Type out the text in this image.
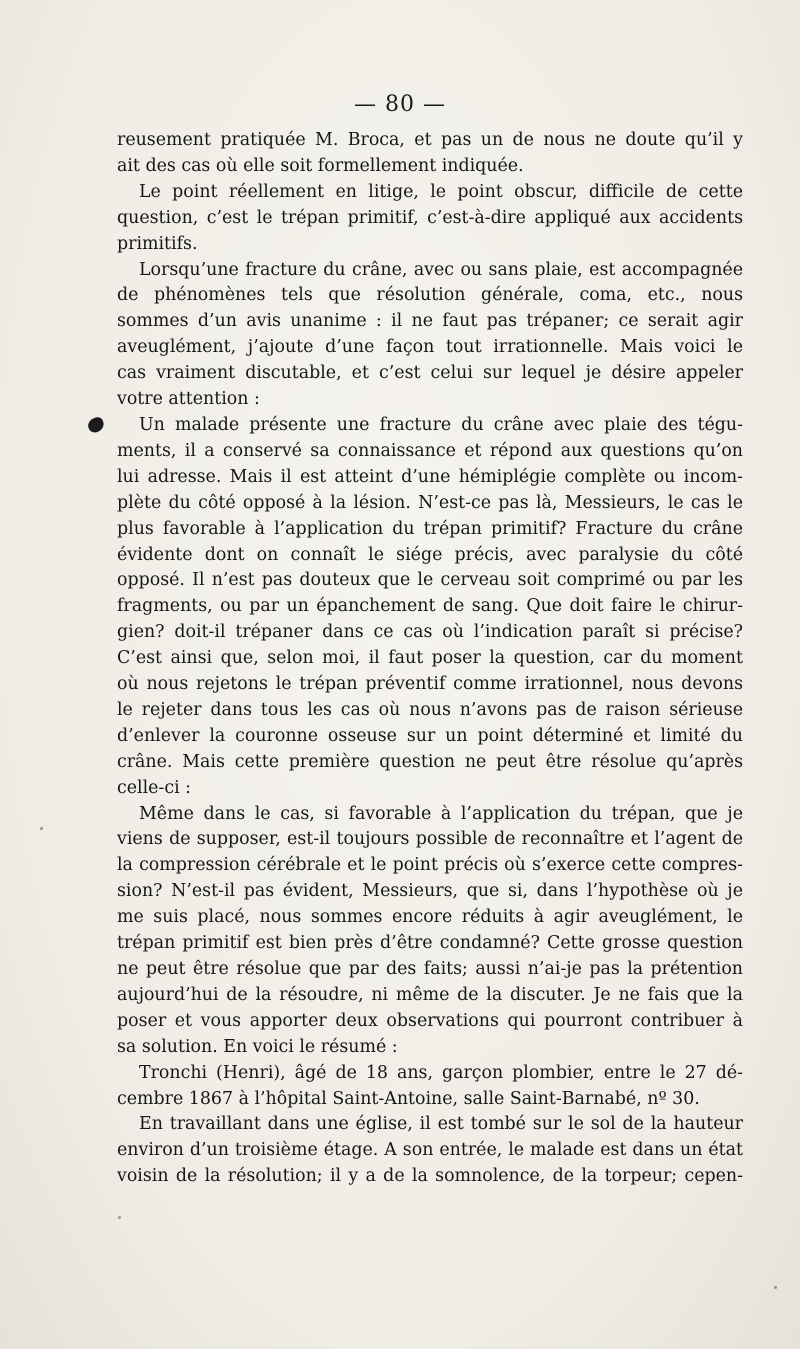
— 80 —
reusement pratiquée M. Broca, et pas un de nous ne doute qu’il y
ait des cas où elle soit formellement indiquée.
Le point réellement en litige, le point obscur, difficile de cette
question, c’est le trépan primitif, c’est-à-dire appliqué aux accidents
primitifs.
Lorsqu’une fracture du crâne, avec ou sans plaie, est accompagnée
de phénomènes tels que résolution générale, coma, etc., nous
sommes d’un avis unanime : il ne faut pas trépaner; ce serait agir
aveuglément, j’ajoute d’une façon tout irrationnelle. Mais voici le
cas vraiment discutable, et c’est celui sur lequel je désire appeler
votre attention :
Un malade présente une fracture du crâne avec plaie des tégu-
ments, il a conservé sa connaissance et répond aux questions qu’on
lui adresse. Mais il est atteint d’une hémiplégie complète ou incom-
plète du côté opposé à la lésion. N’est-ce pas là, Messieurs, le cas le
plus favorable à l’application du trépan primitif? Fracture du crâne
évidente dont on connaît le siége précis, avec paralysie du côté
opposé. Il n’est pas douteux que le cerveau soit comprimé ou par les
fragments, ou par un épanchement de sang. Que doit faire le chirur-
gien? doit-il trépaner dans ce cas où l’indication paraît si précise?
C’est ainsi que, selon moi, il faut poser la question, car du moment
où nous rejetons le trépan préventif comme irrationnel, nous devons
le rejeter dans tous les cas où nous n’avons pas de raison sérieuse
d’enlever la couronne osseuse sur un point déterminé et limité du
crâne. Mais cette première question ne peut être résolue qu’après
celle-ci :
Même dans le cas, si favorable à l’application du trépan, que je
viens de supposer, est-il toujours possible de reconnaître et l’agent de
la compression cérébrale et le point précis où s’exerce cette compres-
sion? N’est-il pas évident, Messieurs, que si, dans l’hypothèse où je
me suis placé, nous sommes encore réduits à agir aveuglément, le
trépan primitif est bien près d’être condamné? Cette grosse question
ne peut être résolue que par des faits; aussi n’ai-je pas la prétention
aujourd’hui de la résoudre, ni même de la discuter. Je ne fais que la
poser et vous apporter deux observations qui pourront contribuer à
sa solution. En voici le résumé :
Tronchi (Henri), âgé de 18 ans, garçon plombier, entre le 27 dé-
cembre 1867 à l’hôpital Saint-Antoine, salle Saint-Barnabé, nº 30.
En travaillant dans une église, il est tombé sur le sol de la hauteur
environ d’un troisième étage. A son entrée, le malade est dans un état
voisin de la résolution; il y a de la somnolence, de la torpeur; cepen-
